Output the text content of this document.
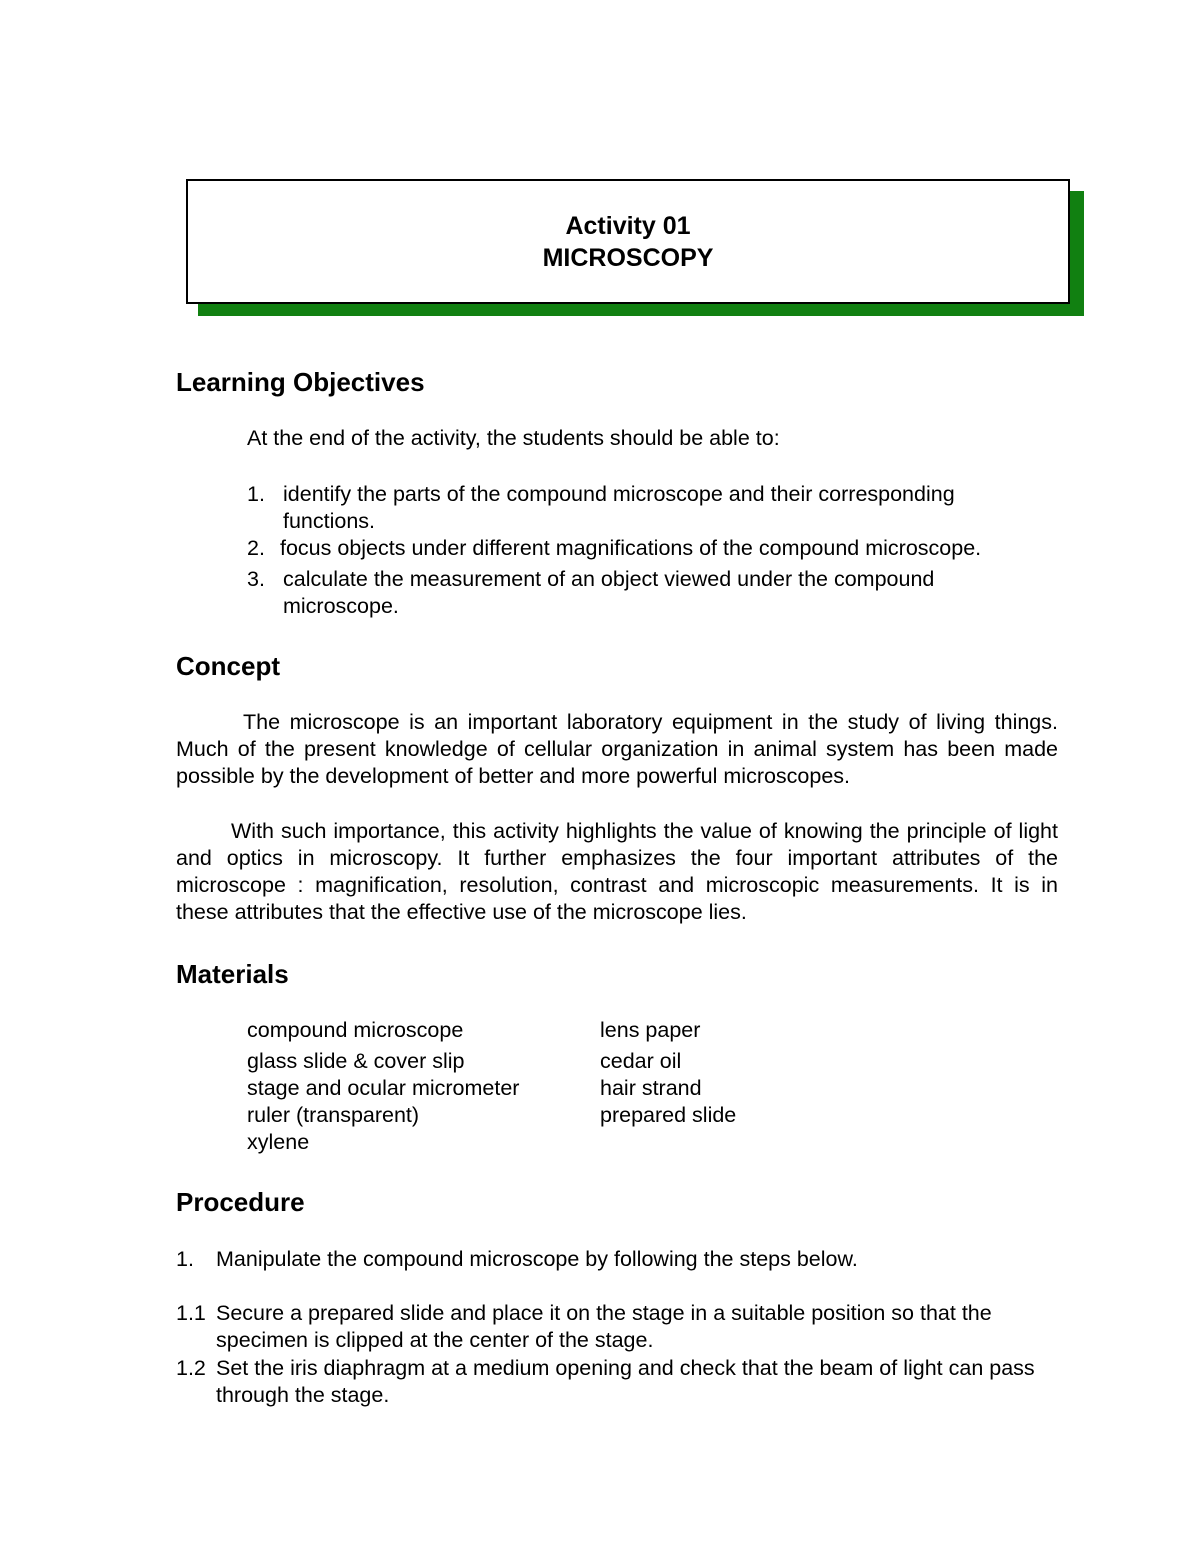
Activity 01
MICROSCOPY
Learning Objectives
At the end of the activity, the students should be able to:
1. identify the parts of the compound microscope and their corresponding functions.
2. focus objects under different magnifications of the compound microscope.
3. calculate the measurement of an object viewed under the compound microscope.
Concept
The microscope is an important laboratory equipment in the study of living things. Much of the present knowledge of cellular organization in animal system has been made possible by the development of better and more powerful microscopes.
With such importance, this activity highlights the value of knowing the principle of light and optics in microscopy. It further emphasizes the four important attributes of the microscope : magnification, resolution, contrast and microscopic measurements. It is in these attributes that the effective use of the microscope lies.
Materials
compound microscope
glass slide & cover slip
stage and ocular micrometer
ruler (transparent)
xylene
lens paper
cedar oil
hair strand
prepared slide
Procedure
1. Manipulate the compound microscope by following the steps below.
1.1 Secure a prepared slide and place it on the stage in a suitable position so that the specimen is clipped at the center of the stage.
1.2 Set the iris diaphragm at a medium opening and check that the beam of light can pass through the stage.
